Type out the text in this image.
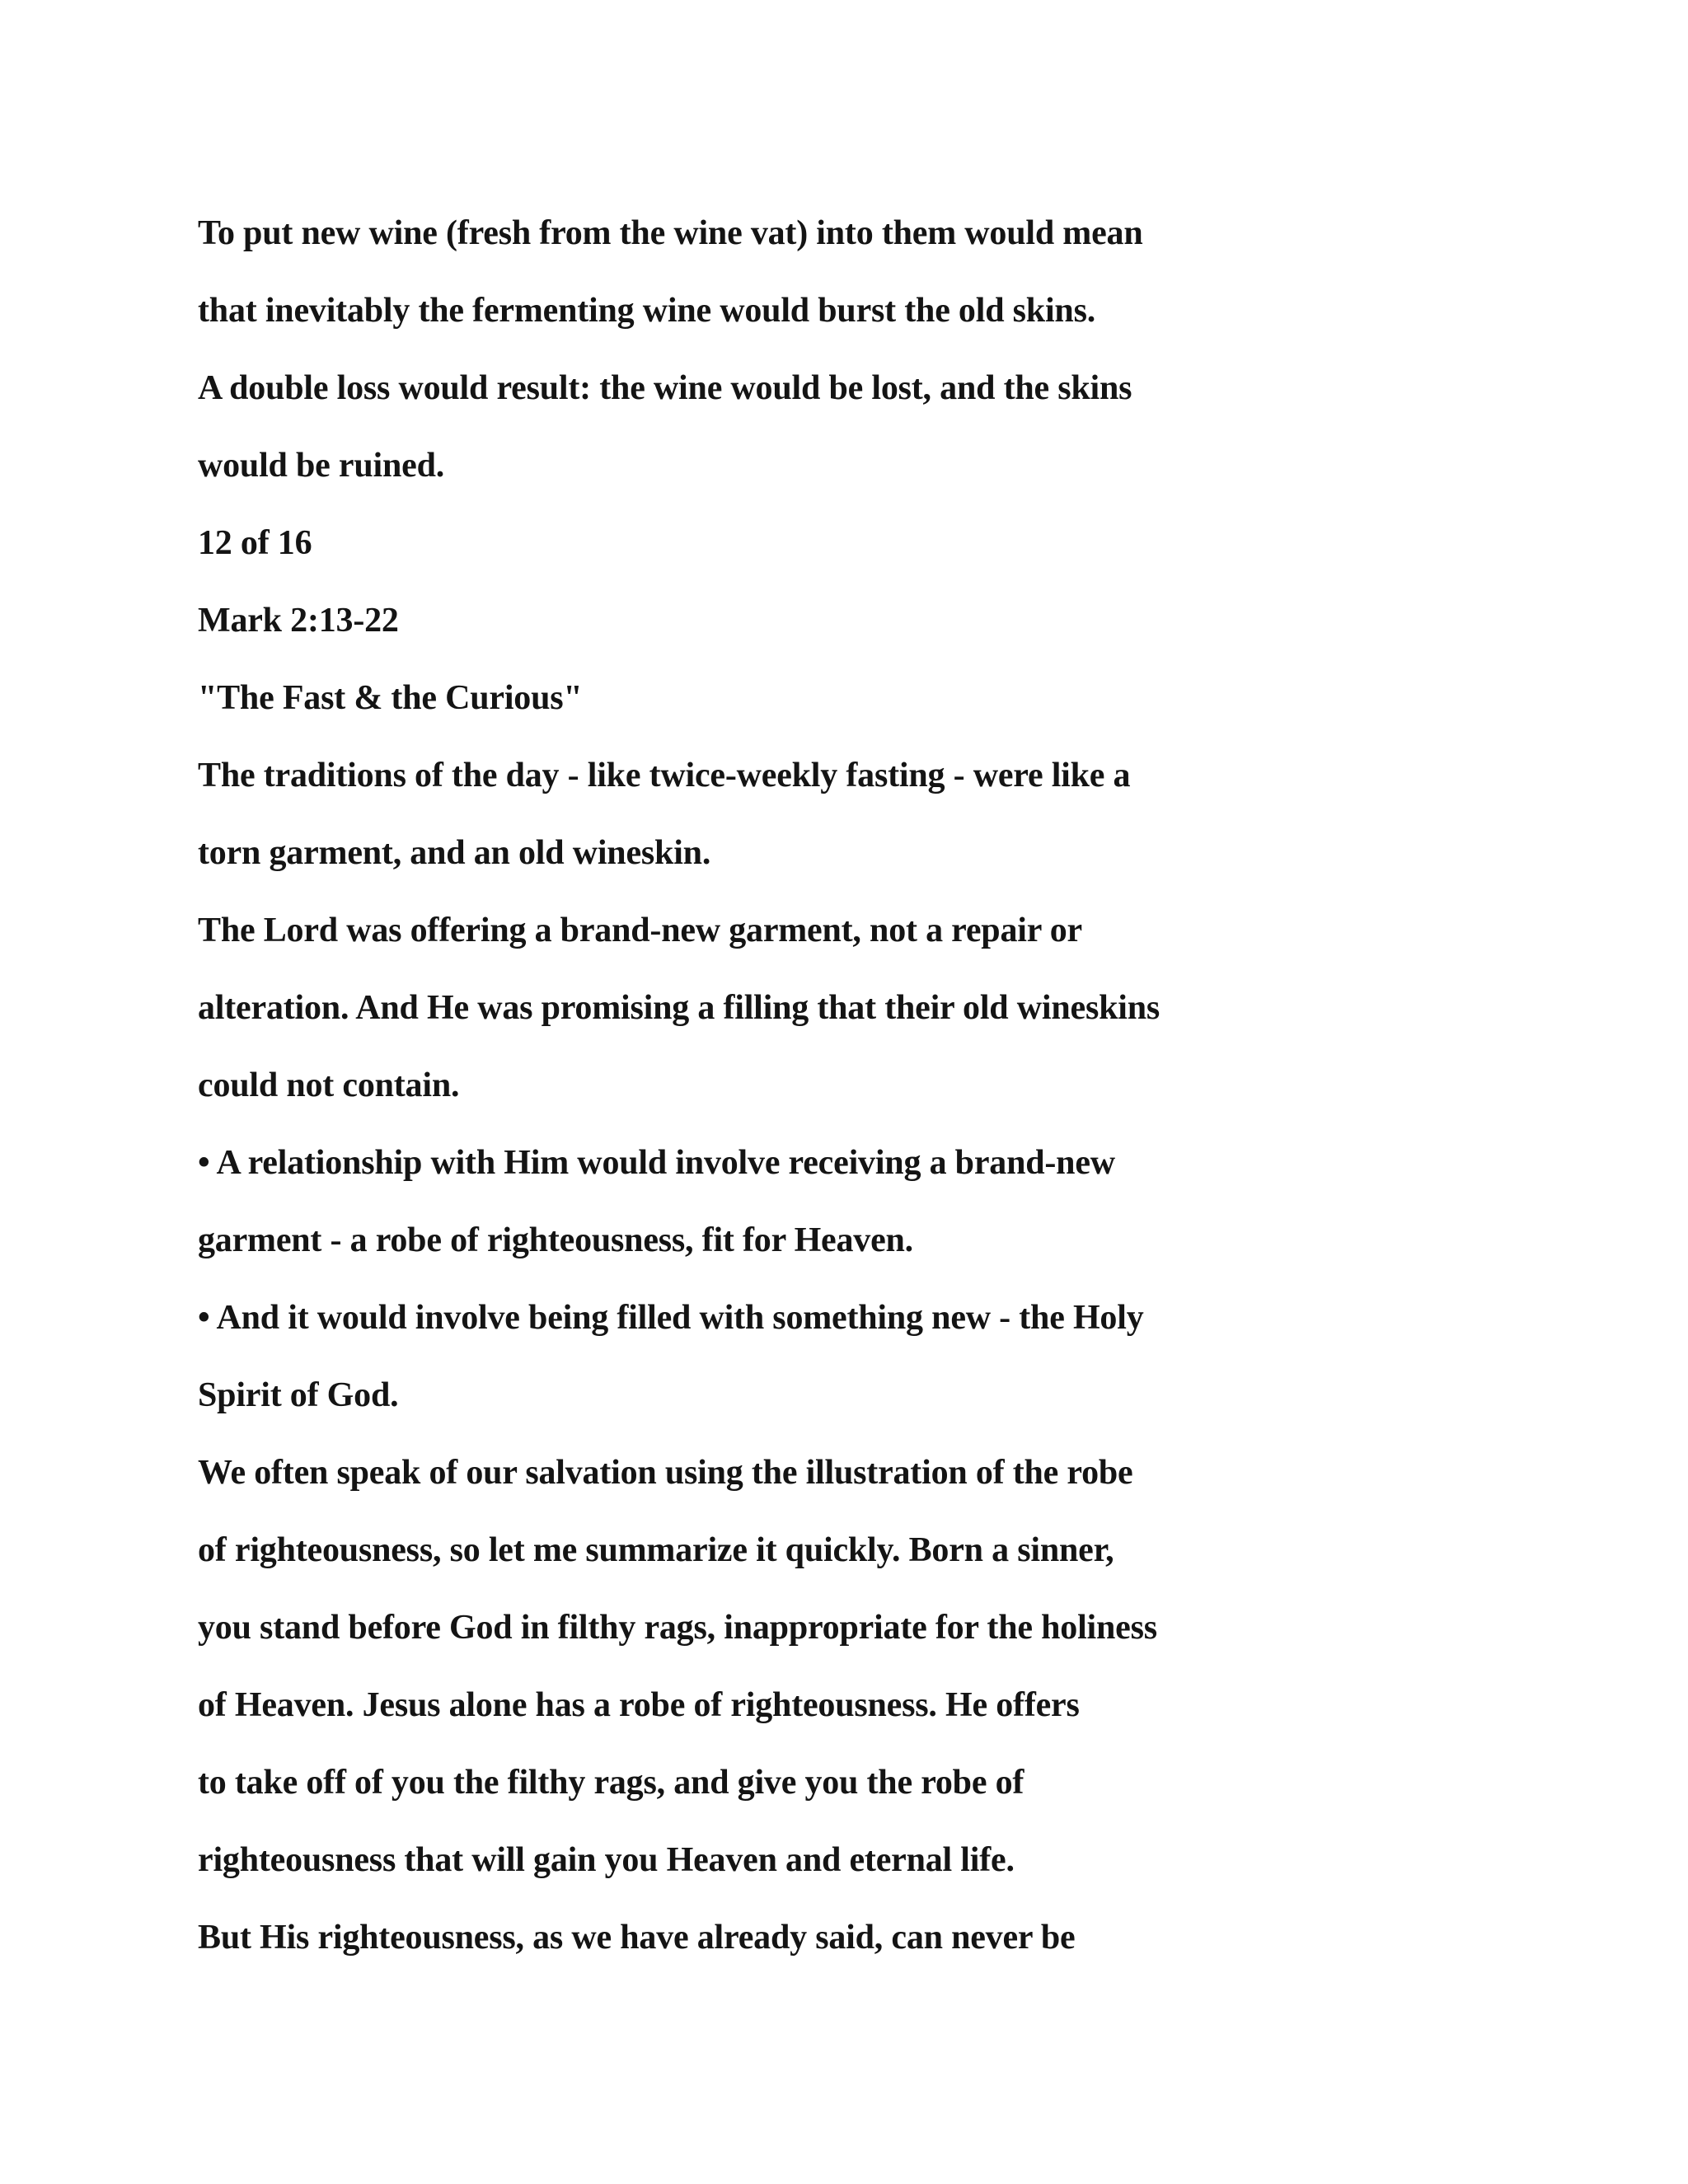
To put new wine (fresh from the wine vat) into them would mean
that inevitably the fermenting wine would burst the old skins.
A double loss would result: the wine would be lost, and the skins
would be ruined.
12 of 16
Mark 2:13-22
"The Fast & the Curious"
The traditions of the day - like twice-weekly fasting - were like a
torn garment, and an old wineskin.
The Lord was offering a brand-new garment, not a repair or
alteration. And He was promising a filling that their old wineskins
could not contain.
• A relationship with Him would involve receiving a brand-new
garment - a robe of righteousness, fit for Heaven.
• And it would involve being filled with something new - the Holy
Spirit of God.
We often speak of our salvation using the illustration of the robe
of righteousness, so let me summarize it quickly. Born a sinner,
you stand before God in filthy rags, inappropriate for the holiness
of Heaven. Jesus alone has a robe of righteousness. He offers
to take off of you the filthy rags, and give you the robe of
righteousness that will gain you Heaven and eternal life.
But His righteousness, as we have already said, can never be
